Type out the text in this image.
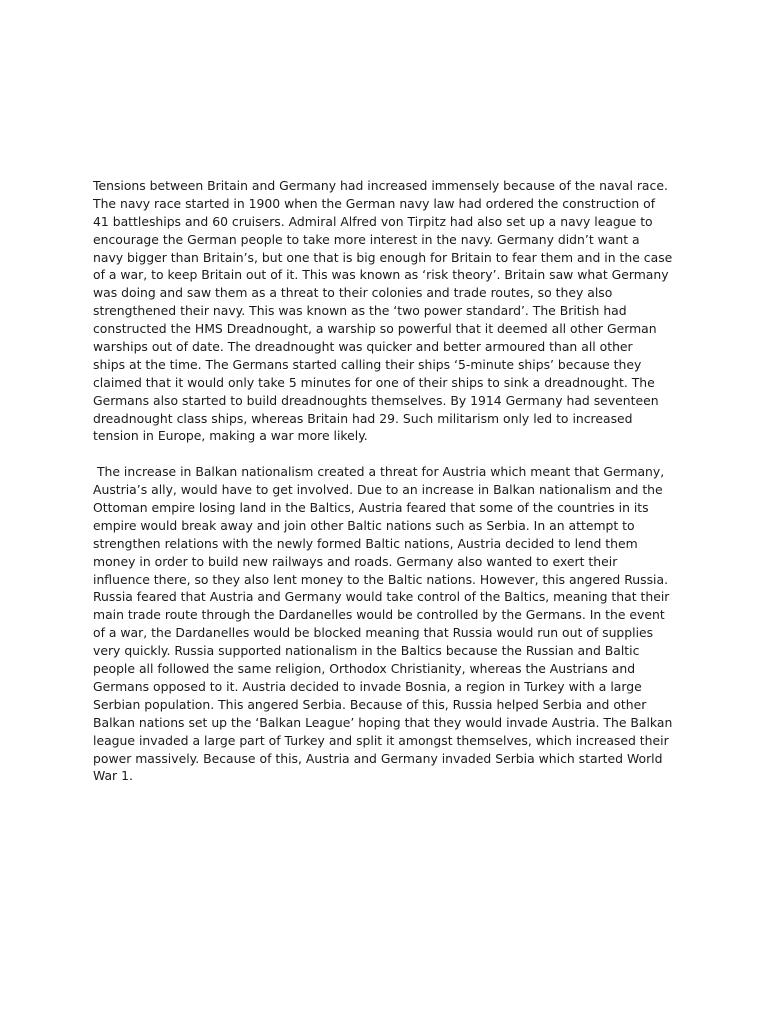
Tensions between Britain and Germany had increased immensely because of the naval race.
The navy race started in 1900 when the German navy law had ordered the construction of
41 battleships and 60 cruisers. Admiral Alfred von Tirpitz had also set up a navy league to
encourage the German people to take more interest in the navy. Germany didn’t want a
navy bigger than Britain’s, but one that is big enough for Britain to fear them and in the case
of a war, to keep Britain out of it. This was known as ‘risk theory’. Britain saw what Germany
was doing and saw them as a threat to their colonies and trade routes, so they also
strengthened their navy. This was known as the ‘two power standard’. The British had
constructed the HMS Dreadnought, a warship so powerful that it deemed all other German
warships out of date. The dreadnought was quicker and better armoured than all other
ships at the time. The Germans started calling their ships ‘5-minute ships’ because they
claimed that it would only take 5 minutes for one of their ships to sink a dreadnought. The
Germans also started to build dreadnoughts themselves. By 1914 Germany had seventeen
dreadnought class ships, whereas Britain had 29. Such militarism only led to increased
tension in Europe, making a war more likely.

The increase in Balkan nationalism created a threat for Austria which meant that Germany,
Austria’s ally, would have to get involved. Due to an increase in Balkan nationalism and the
Ottoman empire losing land in the Baltics, Austria feared that some of the countries in its
empire would break away and join other Baltic nations such as Serbia. In an attempt to
strengthen relations with the newly formed Baltic nations, Austria decided to lend them
money in order to build new railways and roads. Germany also wanted to exert their
influence there, so they also lent money to the Baltic nations. However, this angered Russia.
Russia feared that Austria and Germany would take control of the Baltics, meaning that their
main trade route through the Dardanelles would be controlled by the Germans. In the event
of a war, the Dardanelles would be blocked meaning that Russia would run out of supplies
very quickly. Russia supported nationalism in the Baltics because the Russian and Baltic
people all followed the same religion, Orthodox Christianity, whereas the Austrians and
Germans opposed to it. Austria decided to invade Bosnia, a region in Turkey with a large
Serbian population. This angered Serbia. Because of this, Russia helped Serbia and other
Balkan nations set up the ‘Balkan League’ hoping that they would invade Austria. The Balkan
league invaded a large part of Turkey and split it amongst themselves, which increased their
power massively. Because of this, Austria and Germany invaded Serbia which started World
War 1.
